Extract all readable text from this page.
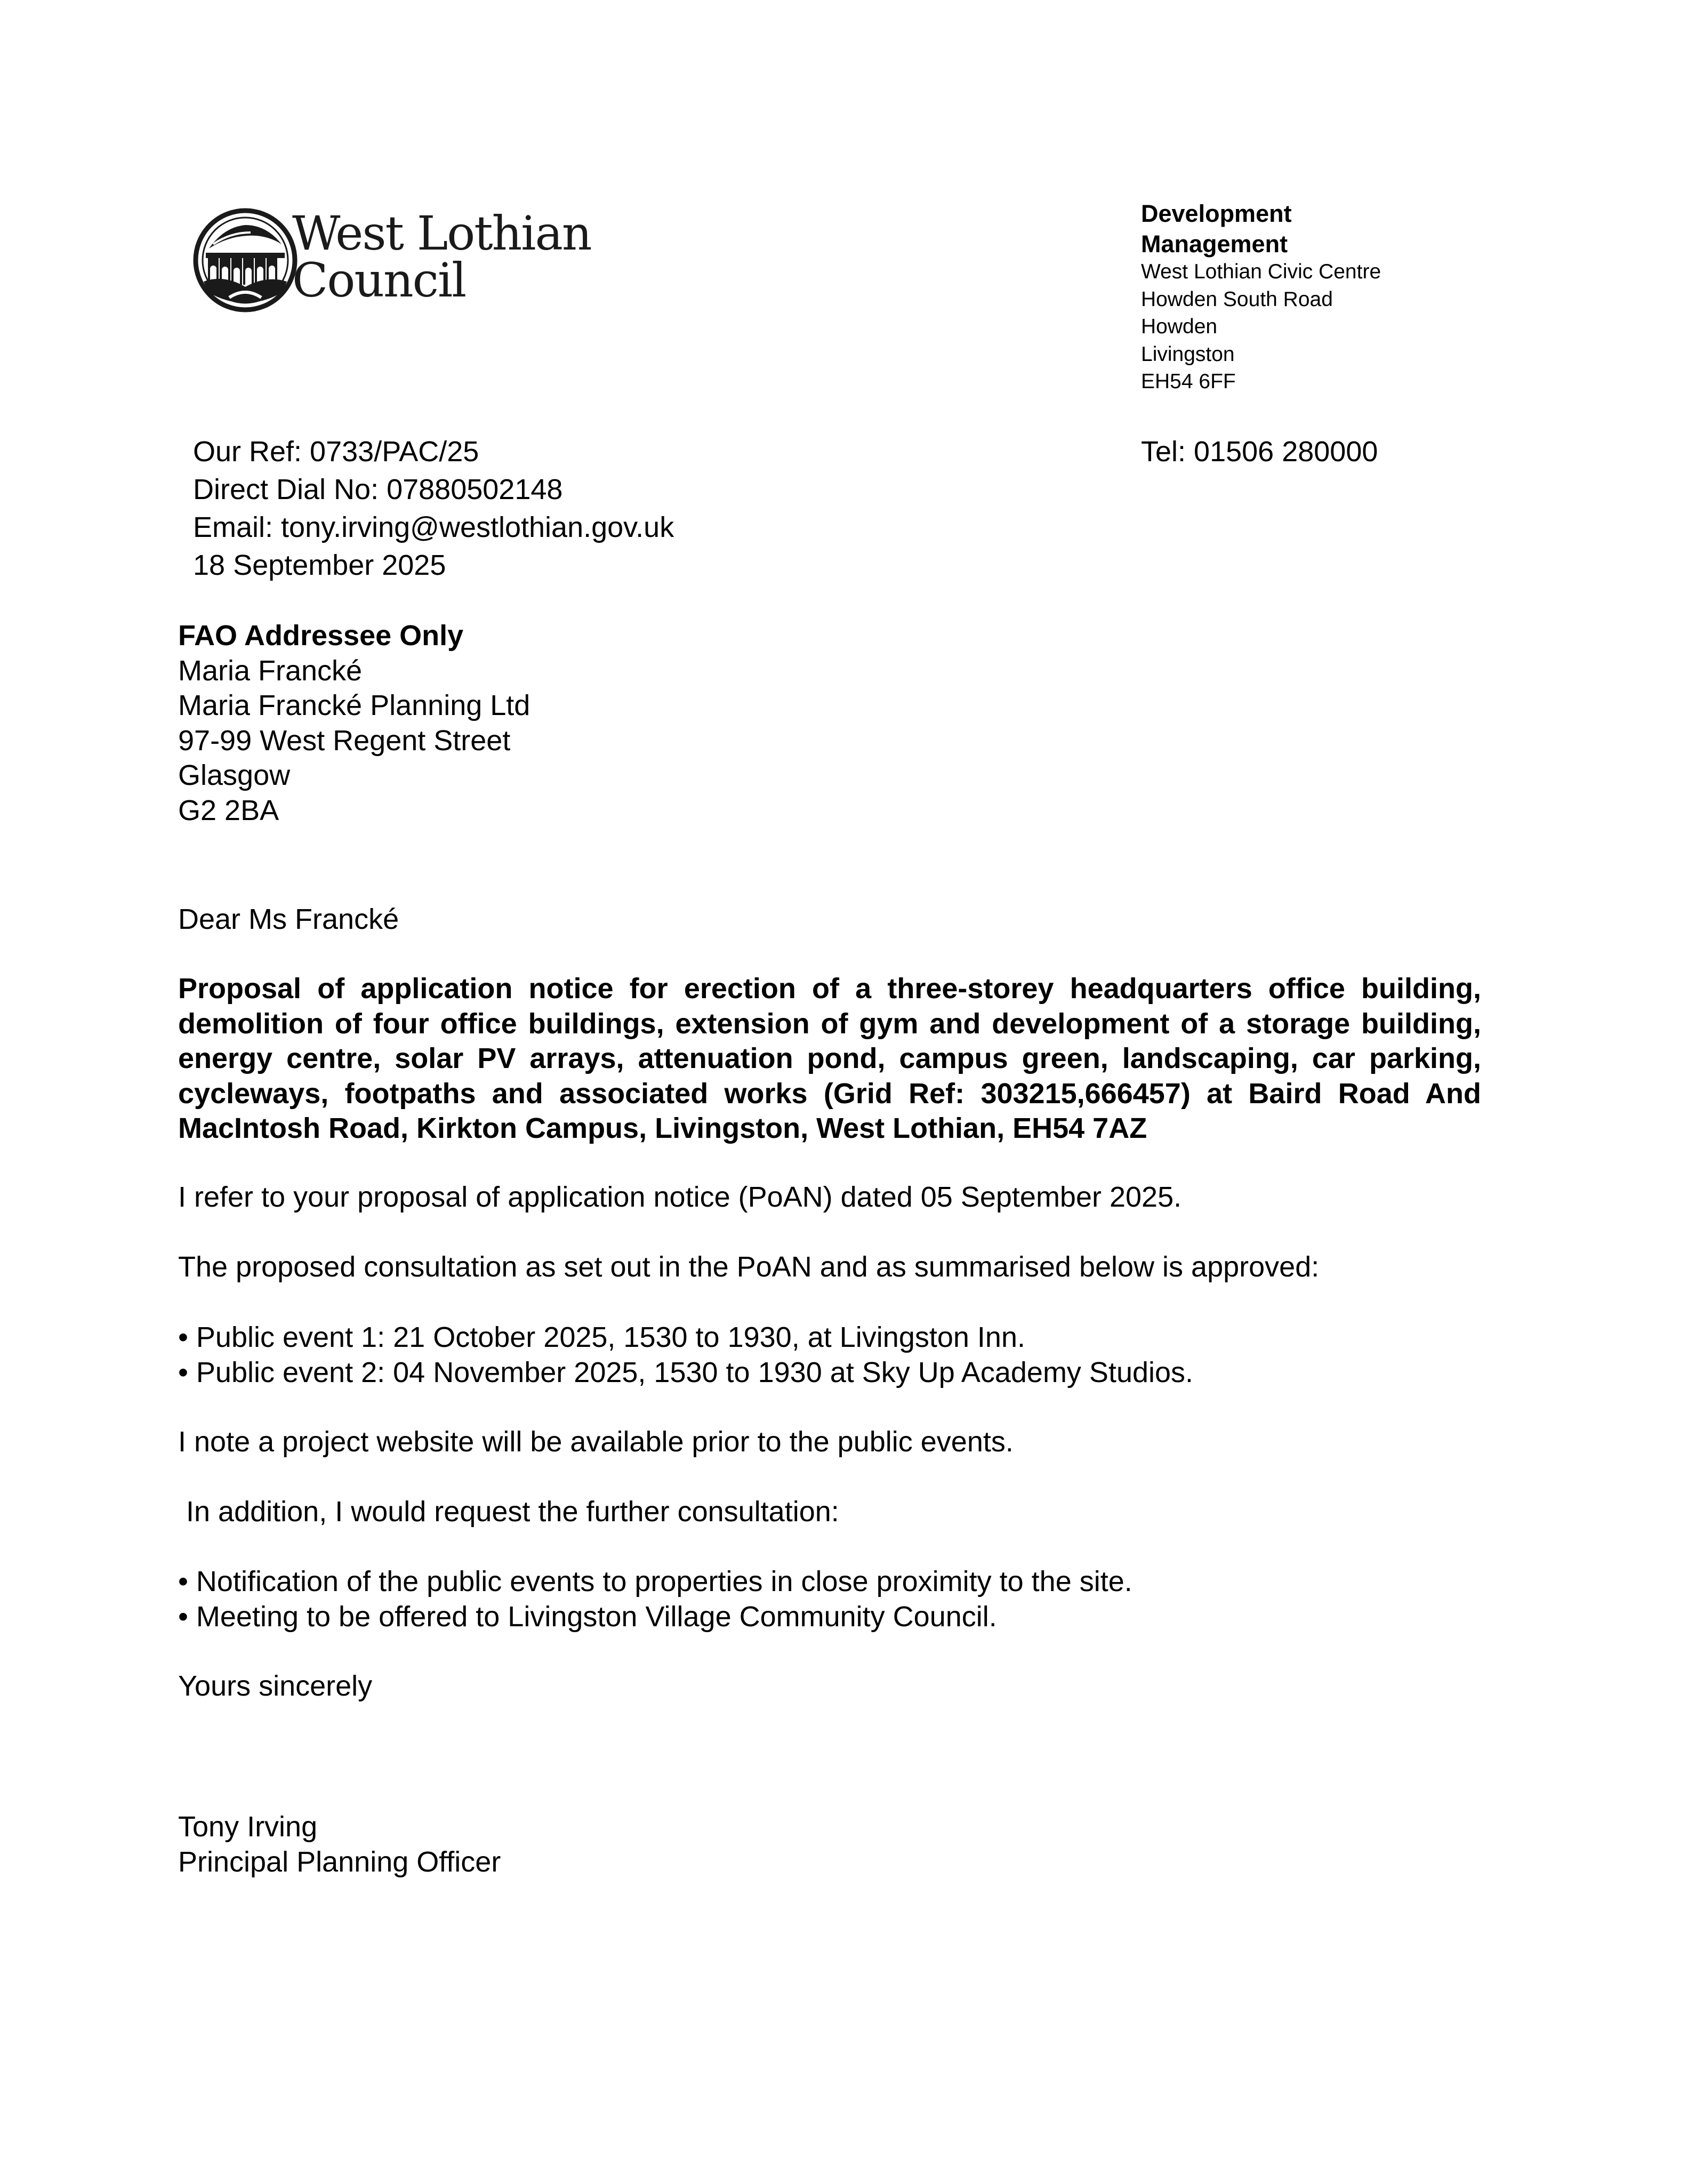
West Lothian
Council
Development
Management
West Lothian Civic Centre
Howden South Road
Howden
Livingston
EH54 6FF
Tel: 01506 280000
Our Ref: 0733/PAC/25
Direct Dial No: 07880502148
Email: tony.irving@westlothian.gov.uk
18 September 2025
FAO Addressee Only
Maria Francké
Maria Francké Planning Ltd
97-99 West Regent Street
Glasgow
G2 2BA
Dear Ms Francké
Proposal of application notice for erection of a three-storey headquarters office building, demolition of four office buildings, extension of gym and development of a storage building, energy centre, solar PV arrays, attenuation pond, campus green, landscaping, car parking, cycleways, footpaths and associated works (Grid Ref: 303215,666457) at Baird Road And MacIntosh Road, Kirkton Campus, Livingston, West Lothian, EH54 7AZ
I refer to your proposal of application notice (PoAN) dated 05 September 2025.
The proposed consultation as set out in the PoAN and as summarised below is approved:
• Public event 1: 21 October 2025, 1530 to 1930, at Livingston Inn.
• Public event 2: 04 November 2025, 1530 to 1930 at Sky Up Academy Studios.
I note a project website will be available prior to the public events.
In addition, I would request the further consultation:
• Notification of the public events to properties in close proximity to the site.
• Meeting to be offered to Livingston Village Community Council.
Yours sincerely
Tony Irving
Principal Planning Officer
